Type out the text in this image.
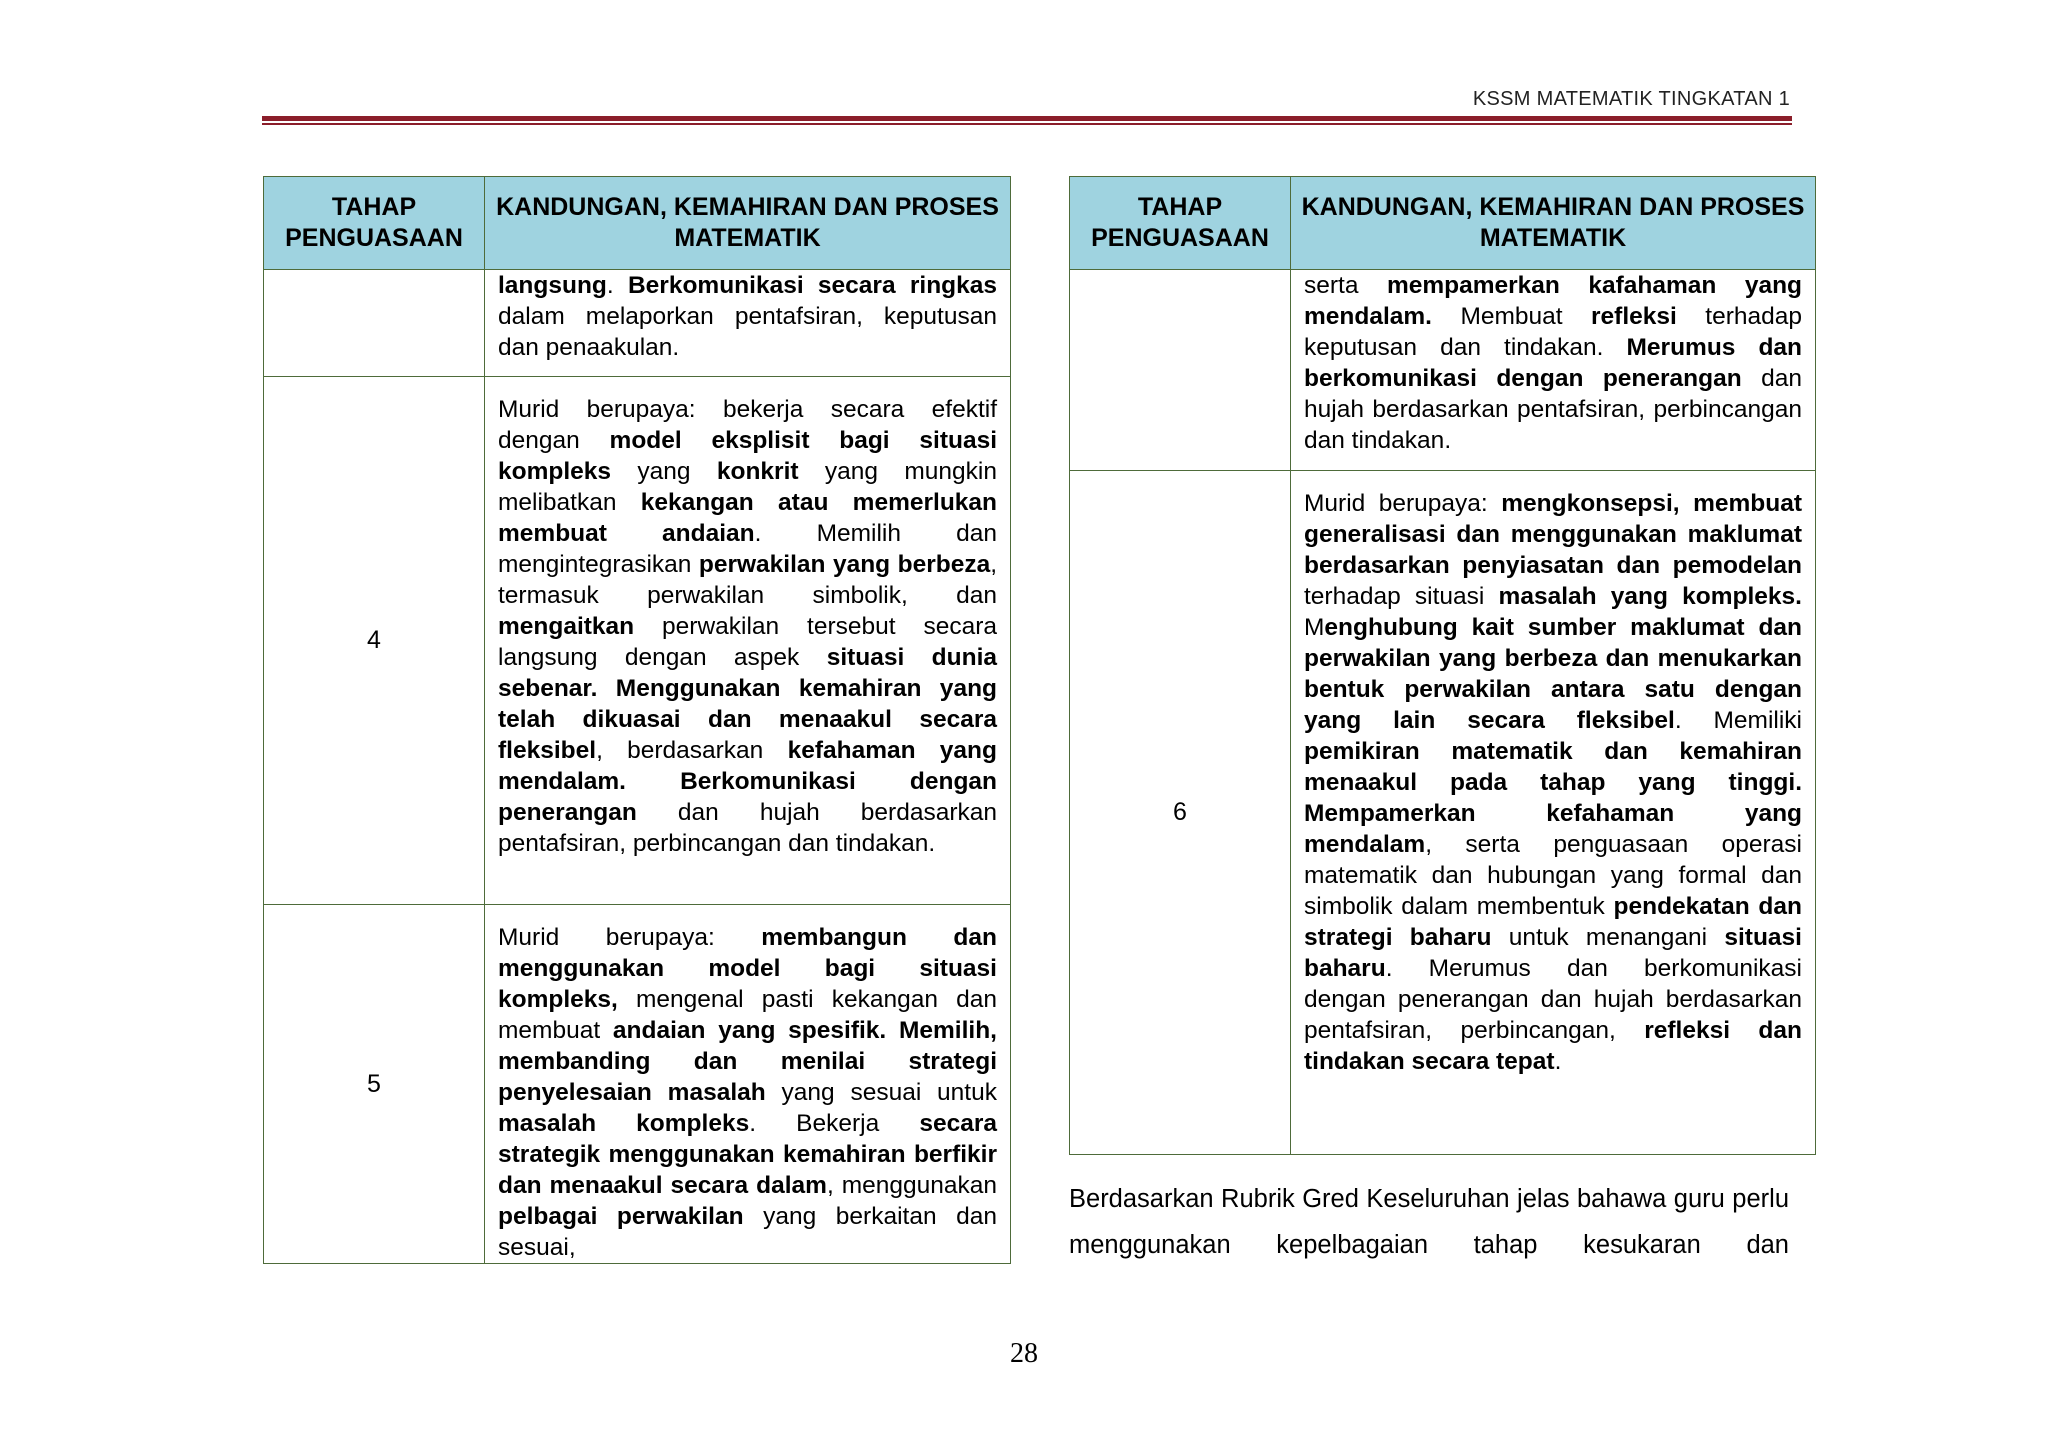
KSSM MATEMATIK TINGKATAN 1
TAHAP PENGUASAAN	KANDUNGAN, KEMAHIRAN DAN PROSES MATEMATIK

	langsung. Berkomunikasi secara ringkas dalam melaporkan pentafsiran, keputusan dan penaakulan.

4	Murid berupaya: bekerja secara efektif dengan model eksplisit bagi situasi kompleks yang konkrit yang mungkin melibatkan kekangan atau memerlukan membuat andaian. Memilih dan mengintegrasikan perwakilan yang berbeza, termasuk perwakilan simbolik, dan mengaitkan perwakilan tersebut secara langsung dengan aspek situasi dunia sebenar. Menggunakan kemahiran yang telah dikuasai dan menaakul secara fleksibel, berdasarkan kefahaman yang mendalam. Berkomunikasi dengan penerangan dan hujah berdasarkan pentafsiran, perbincangan dan tindakan.

5	Murid berupaya: membangun dan menggunakan model bagi situasi kompleks, mengenal pasti kekangan dan membuat andaian yang spesifik. Memilih, membanding dan menilai strategi penyelesaian masalah yang sesuai untuk masalah kompleks. Bekerja secara strategik menggunakan kemahiran berfikir dan menaakul secara dalam, menggunakan pelbagai perwakilan yang berkaitan dan sesuai,
TAHAP PENGUASAAN	KANDUNGAN, KEMAHIRAN DAN PROSES MATEMATIK

	serta mempamerkan kafahaman yang mendalam. Membuat refleksi terhadap keputusan dan tindakan. Merumus dan berkomunikasi dengan penerangan dan hujah berdasarkan pentafsiran, perbincangan dan tindakan.

6	Murid berupaya: mengkonsepsi, membuat generalisasi dan menggunakan maklumat berdasarkan penyiasatan dan pemodelan terhadap situasi masalah yang kompleks. Menghubung kait sumber maklumat dan perwakilan yang berbeza dan menukarkan bentuk perwakilan antara satu dengan yang lain secara fleksibel. Memiliki pemikiran matematik dan kemahiran menaakul pada tahap yang tinggi. Mempamerkan kefahaman yang mendalam, serta penguasaan operasi matematik dan hubungan yang formal dan simbolik dalam membentuk pendekatan dan strategi baharu untuk menangani situasi baharu. Merumus dan berkomunikasi dengan penerangan dan hujah berdasarkan pentafsiran, perbincangan, refleksi dan tindakan secara tepat.
Berdasarkan Rubrik Gred Keseluruhan jelas bahawa guru perlu menggunakan kepelbagaian tahap kesukaran dan
28
